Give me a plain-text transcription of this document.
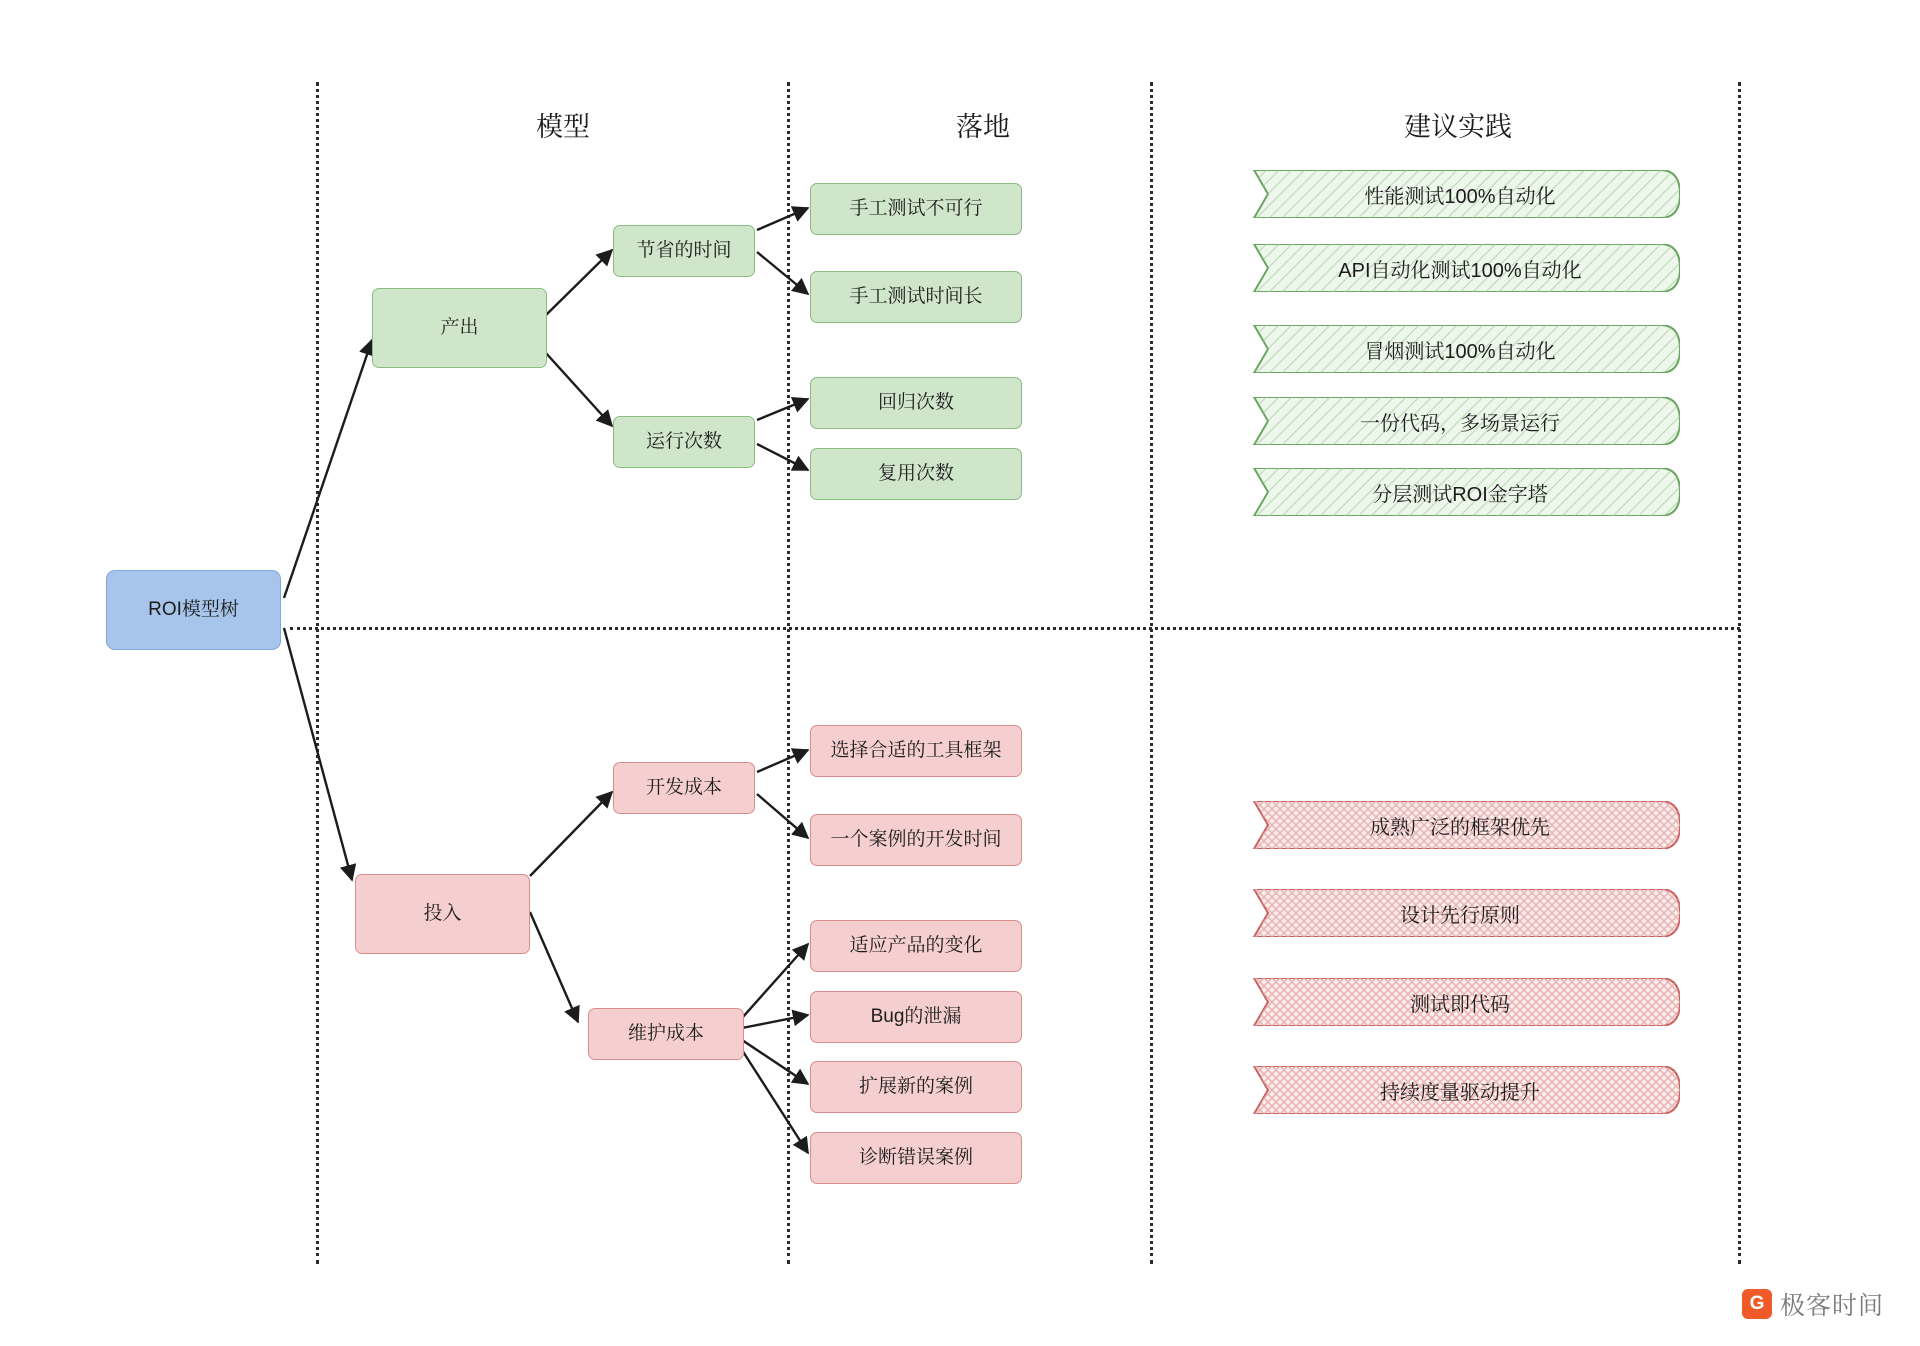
模型	落地	建议实践
ROI模型树
产出
节省的时间
运行次数
手工测试不可行
手工测试时间长
回归次数
复用次数
投入
开发成本
维护成本
选择合适的工具框架
一个案例的开发时间
适应产品的变化
Bug的泄漏
扩展新的案例
诊断错误案例
性能测试100%自动化
API自动化测试100%自动化
冒烟测试100%自动化
一份代码，多场景运行
分层测试ROI金字塔
成熟广泛的框架优先
设计先行原则
测试即代码
持续度量驱动提升
G 极客时间
